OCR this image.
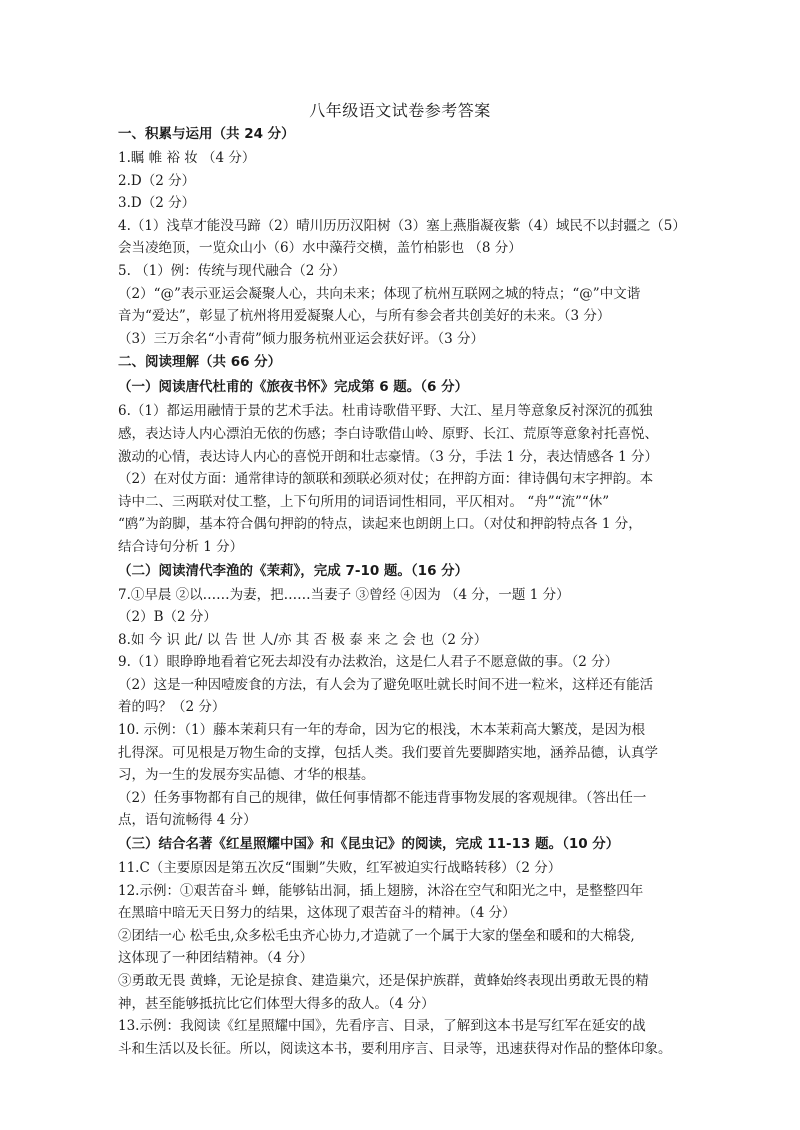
八年级语文试卷参考答案
一、积累与运用（共 24 分）
1.瞩 帷 裕 妆 （4 分）
2.D（2 分）
3.D（2 分）
4.（1）浅草才能没马蹄（2）晴川历历汉阳树（3）塞上燕脂凝夜紫（4）域民不以封疆之（5）
会当凌绝顶，一览众山小（6）水中藻荇交横，盖竹柏影也 （8 分）
5. （1）例：传统与现代融合（2 分）
（2）“@”表示亚运会凝聚人心，共向未来；体现了杭州互联网之城的特点；“@”中文谐
音为“爱达”，彰显了杭州将用爱凝聚人心，与所有参会者共创美好的未来。（3 分）
（3）三万余名“小青荷”倾力服务杭州亚运会获好评。（3 分）
二、阅读理解（共 66 分）
（一）阅读唐代杜甫的《旅夜书怀》完成第 6 题。（6 分）
6.（1）都运用融情于景的艺术手法。杜甫诗歌借平野、大江、星月等意象反衬深沉的孤独
感，表达诗人内心漂泊无依的伤感；李白诗歌借山岭、原野、长江、荒原等意象衬托喜悦、
激动的心情，表达诗人内心的喜悦开朗和壮志豪情。（3 分，手法 1 分，表达情感各 1 分）
（2）在对仗方面：通常律诗的颔联和颈联必须对仗；在押韵方面：律诗偶句末字押韵。本
诗中二、三两联对仗工整，上下句所用的词语词性相同，平仄相对。 “舟”“流”“休”
“鸥”为韵脚，基本符合偶句押韵的特点，读起来也朗朗上口。（对仗和押韵特点各 1 分，
结合诗句分析 1 分）
（二）阅读清代李渔的《茉莉》，完成 7-10 题。（16 分）
7.①早晨 ②以……为妻，把……当妻子 ③曾经 ④因为 （4 分，一题 1 分）
（2）B（2 分）
8.如 今 识 此/ 以 告 世 人/亦 其 否 极 泰 来 之 会 也（2 分）
9.（1）眼睁睁地看着它死去却没有办法救治，这是仁人君子不愿意做的事。（2 分）
（2）这是一种因噎废食的方法，有人会为了避免呕吐就长时间不进一粒米，这样还有能活
着的吗？（2 分）
10. 示例：（1）藤本茉莉只有一年的寿命，因为它的根浅，木本茉莉高大繁茂，是因为根
扎得深。可见根是万物生命的支撑，包括人类。我们要首先要脚踏实地，涵养品德，认真学
习，为一生的发展夯实品德、才华的根基。
（2）任务事物都有自己的规律，做任何事情都不能违背事物发展的客观规律。（答出任一
点，语句流畅得 4 分）
（三）结合名著《红星照耀中国》和《昆虫记》的阅读，完成 11-13 题。（10 分）
11.C（主要原因是第五次反“围剿”失败，红军被迫实行战略转移）（2 分）
12.示例：①艰苦奋斗 蝉，能够钻出洞，插上翅膀，沐浴在空气和阳光之中，是整整四年
在黑暗中暗无天日努力的结果，这体现了艰苦奋斗的精神。（4 分）
②团结一心 松毛虫,众多松毛虫齐心协力,才造就了一个属于大家的堡垒和暖和的大棉袋,
这体现了一种团结精神。（4 分）
③勇敢无畏 黄蜂，无论是掠食、建造巢穴，还是保护族群，黄蜂始终表现出勇敢无畏的精
神，甚至能够抵抗比它们体型大得多的敌人。（4 分）
13.示例：我阅读《红星照耀中国》，先看序言、目录，了解到这本书是写红军在延安的战
斗和生活以及长征。所以，阅读这本书，要利用序言、目录等，迅速获得对作品的整体印象。
